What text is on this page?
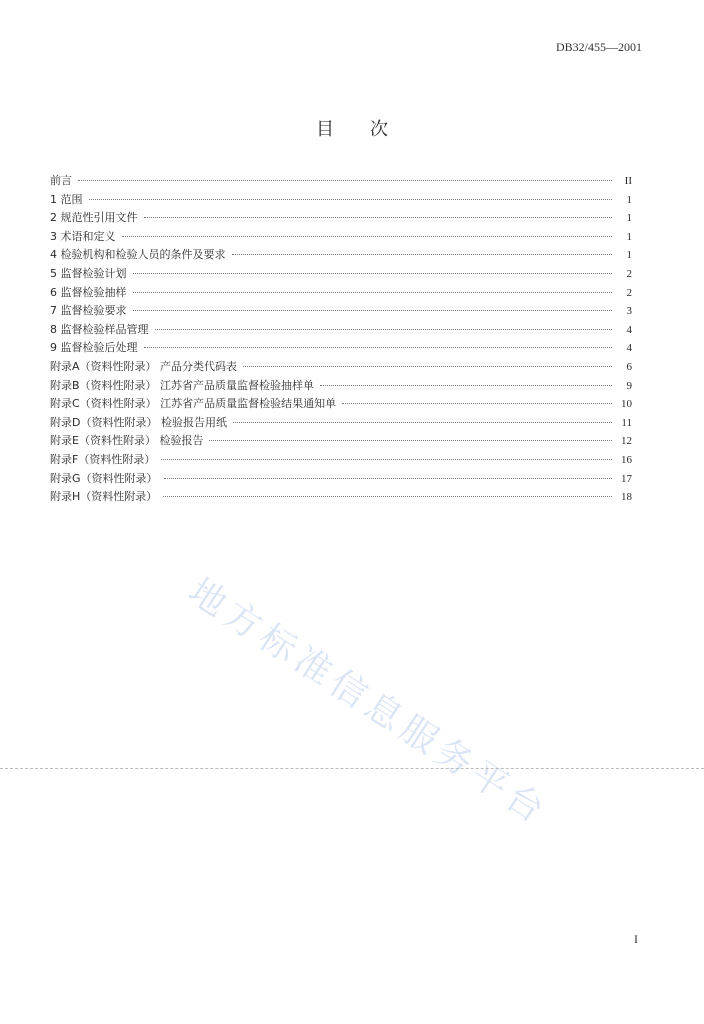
DB32/455—2001
目次
前言	II
1 范围	1
2 规范性引用文件	1
3 术语和定义	1
4 检验机构和检验人员的条件及要求	1
5 监督检验计划	2
6 监督检验抽样	2
7 监督检验要求	3
8 监督检验样品管理	4
9 监督检验后处理	4
附录A（资料性附录） 产品分类代码表	6
附录B（资料性附录） 江苏省产品质量监督检验抽样单	9
附录C（资料性附录） 江苏省产品质量监督检验结果通知单	10
附录D（资料性附录） 检验报告用纸	11
附录E（资料性附录） 检验报告	12
附录F（资料性附录）	16
附录G（资料性附录）	17
附录H（资料性附录）	18
地方标准信息服务平台
I
